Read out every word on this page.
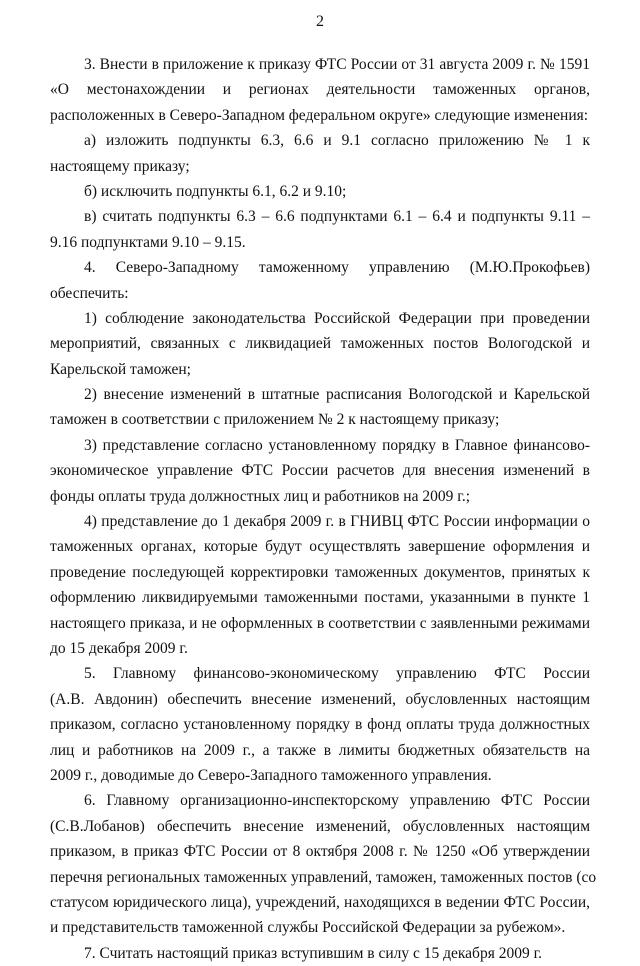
2
3. Внести в приложение к приказу ФТС России от 31 августа 2009 г. № 1591
«О местонахождении и регионах деятельности таможенных органов,
расположенных в Северо-Западном федеральном округе» следующие изменения:
а) изложить подпункты 6.3, 6.6 и 9.1 согласно приложению № 1 к
настоящему приказу;
б) исключить подпункты 6.1, 6.2 и 9.10;
в) считать подпункты 6.3 – 6.6 подпунктами 6.1 – 6.4 и подпункты 9.11 –
9.16 подпунктами 9.10 – 9.15.
4. Северо-Западному таможенному управлению (М.Ю.Прокофьев)
обеспечить:
1) соблюдение законодательства Российской Федерации при проведении
мероприятий, связанных с ликвидацией таможенных постов Вологодской и
Карельской таможен;
2) внесение изменений в штатные расписания Вологодской и Карельской
таможен в соответствии с приложением № 2 к настоящему приказу;
3) представление согласно установленному порядку в Главное финансово-
экономическое управление ФТС России расчетов для внесения изменений в
фонды оплаты труда должностных лиц и работников на 2009 г.;
4) представление до 1 декабря 2009 г. в ГНИВЦ ФТС России информации о
таможенных органах, которые будут осуществлять завершение оформления и
проведение последующей корректировки таможенных документов, принятых к
оформлению ликвидируемыми таможенными постами, указанными в пункте 1
настоящего приказа, и не оформленных в соответствии с заявленными режимами
до 15 декабря 2009 г.
5. Главному финансово-экономическому управлению ФТС России
(А.В. Авдонин) обеспечить внесение изменений, обусловленных настоящим
приказом, согласно установленному порядку в фонд оплаты труда должностных
лиц и работников на 2009 г., а также в лимиты бюджетных обязательств на
2009 г., доводимые до Северо-Западного таможенного управления.
6. Главному организационно-инспекторскому управлению ФТС России
(С.В.Лобанов) обеспечить внесение изменений, обусловленных настоящим
приказом, в приказ ФТС России от 8 октября 2008 г. № 1250 «Об утверждении
перечня региональных таможенных управлений, таможен, таможенных постов (со
статусом юридического лица), учреждений, находящихся в ведении ФТС России,
и представительств таможенной службы Российской Федерации за рубежом».
7. Считать настоящий приказ вступившим в силу с 15 декабря 2009 г.
